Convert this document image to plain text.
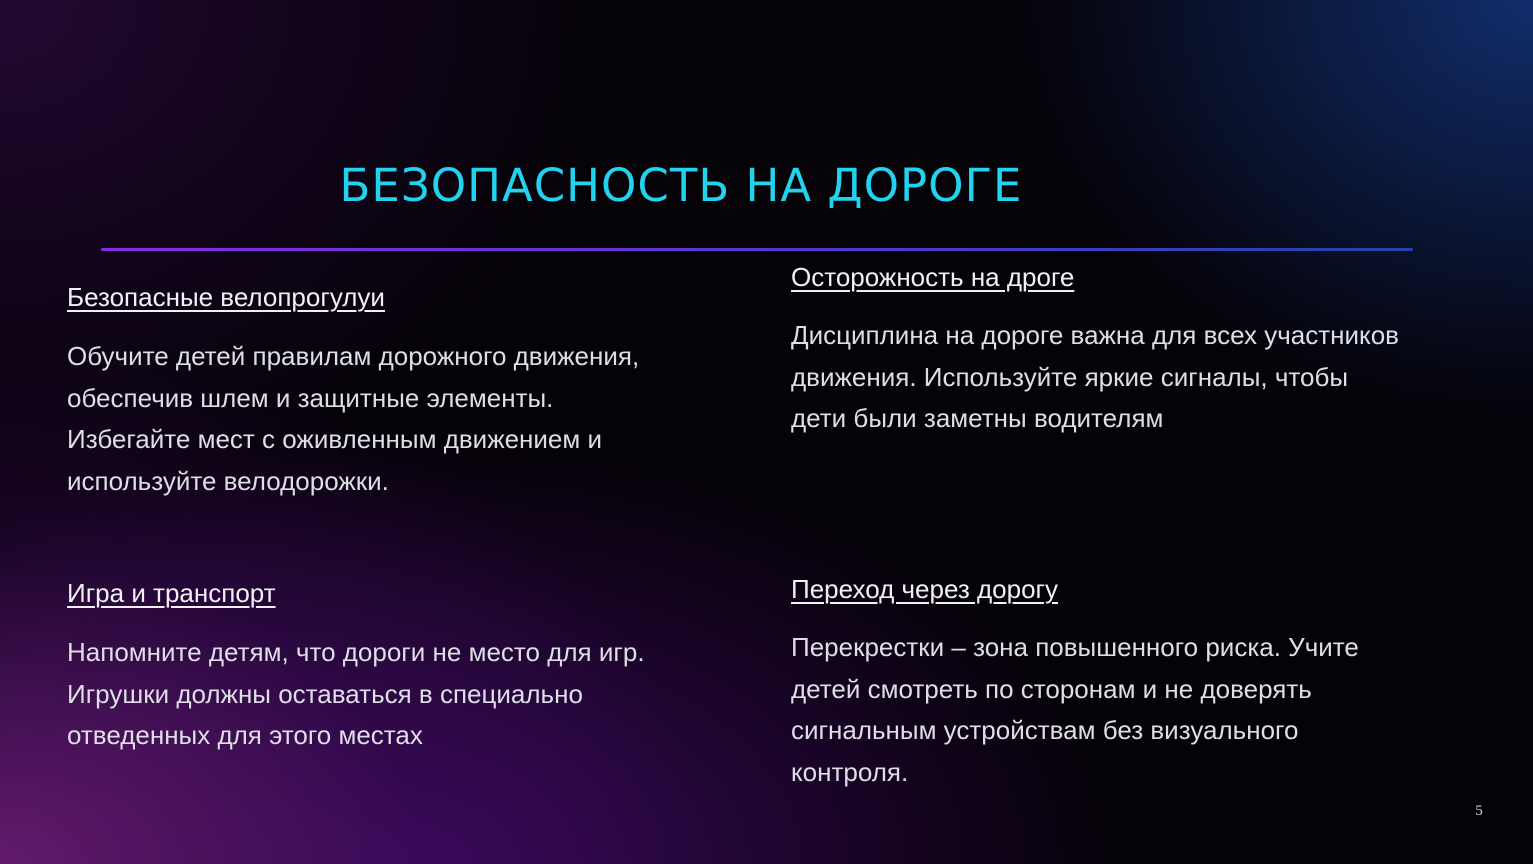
БЕЗОПАСНОСТЬ НА ДОРОГЕ
Безопасные велопрогулуи

Обучите детей правилам дорожного движения,
обеспечив шлем и защитные элементы.
Избегайте мест с оживленным движением и
используйте велодорожки.

Осторожность на дроге

Дисциплина на дороге важна для всех участников
движения. Используйте яркие сигналы, чтобы
дети были заметны водителям

Игра и транспорт

Напомните детям, что дороги не место для игр.
Игрушки должны оставаться в специально
отведенных для этого местах

Переход через дорогу

Перекрестки – зона повышенного риска. Учите
детей смотреть по сторонам и не доверять
сигнальным устройствам без визуального
контроля.

5
